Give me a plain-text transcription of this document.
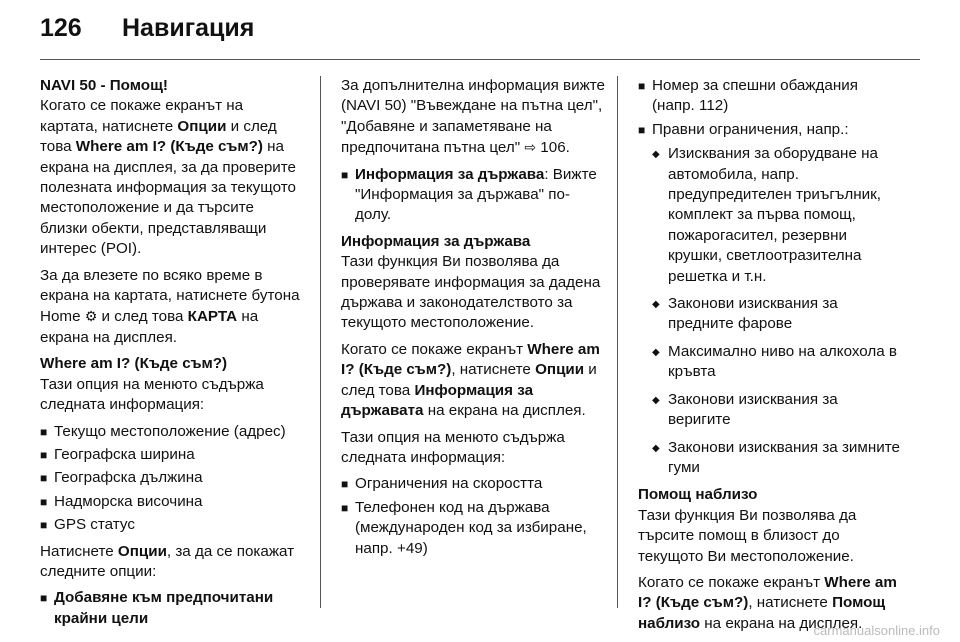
126 Навигация

NAVI 50 - Помощ!

Когато се покаже екранът на картата, натиснете Опции и след това Where am I? (Къде съм?) на екрана на дисплея, за да проверите полезната информация за текущото местоположение и да търсите близки обекти, представляващи интерес (POI).

За да влезете по всяко време в екрана на картата, натиснете бутона Home ⚙ и след това КАРТА на екрана на дисплея.

Where am I? (Къде съм?)

Тази опция на менюто съдържа следната информация:

■ Текущо местоположение (адрес)
■ Географска ширина
■ Географска дължина
■ Надморска височина
■ GPS статус

Натиснете Опции, за да се покажат следните опции:

■ Добавяне към предпочитани крайни цели

За допълнителна информация вижте (NAVI 50) "Въвеждане на пътна цел", "Добавяне и запаметяване на предпочитана пътна цел" ⇨ 106.

■ Информация за държава: Вижте "Информация за държава" по-долу.

Информация за държава

Тази функция Ви позволява да проверявате информация за дадена държава и законодателството за текущото местоположение.

Когато се покаже екранът Where am I? (Къде съм?), натиснете Опции и след това Информация за държавата на екрана на дисплея.

Тази опция на менюто съдържа следната информация:

■ Ограничения на скоростта
■ Телефонен код на държава (международен код за избиране, напр. +49)
■ Номер за спешни обаждания (напр. 112)
■ Правни ограничения, напр.:
◆ Изисквания за оборудване на автомобила, напр. предупредителен триъгълник, комплект за първа помощ, пожарогасител, резервни крушки, светлоотразителна решетка и т.н.
◆ Законови изисквания за предните фарове
◆ Максимално ниво на алкохола в кръвта
◆ Законови изисквания за веригите
◆ Законови изисквания за зимните гуми

Помощ наблизо

Тази функция Ви позволява да търсите помощ в близост до текущото Ви местоположение.

Когато се покаже екранът Where am I? (Къде съм?), натиснете Помощ наблизо на екрана на дисплея.

carmanualsonline.info
